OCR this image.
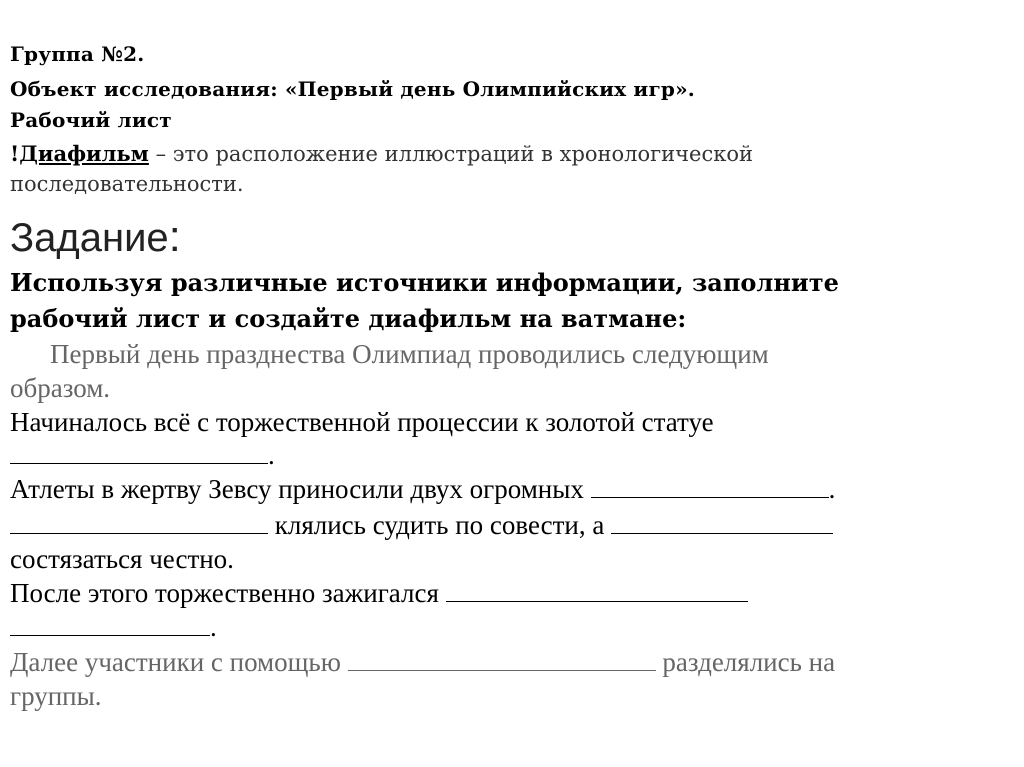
Группа №2.
Объект исследования: «Первый день Олимпийских игр».
Рабочий лист
!Диафильм – это расположение иллюстраций в хронологической
последовательности.
Задание:
Используя различные источники информации, заполните
рабочий лист и создайте диафильм на ватмане:
Первый день празднества Олимпиад проводились следующим
образом.
Начиналось всё с торжественной процессии к золотой статуе
.
Атлеты в жертву Зевсу приносили двух огромных	.
клялись судить по совести, а
состязаться честно.
После этого торжественно зажигался
.
Далее участники с помощью	разделялись на
группы.
